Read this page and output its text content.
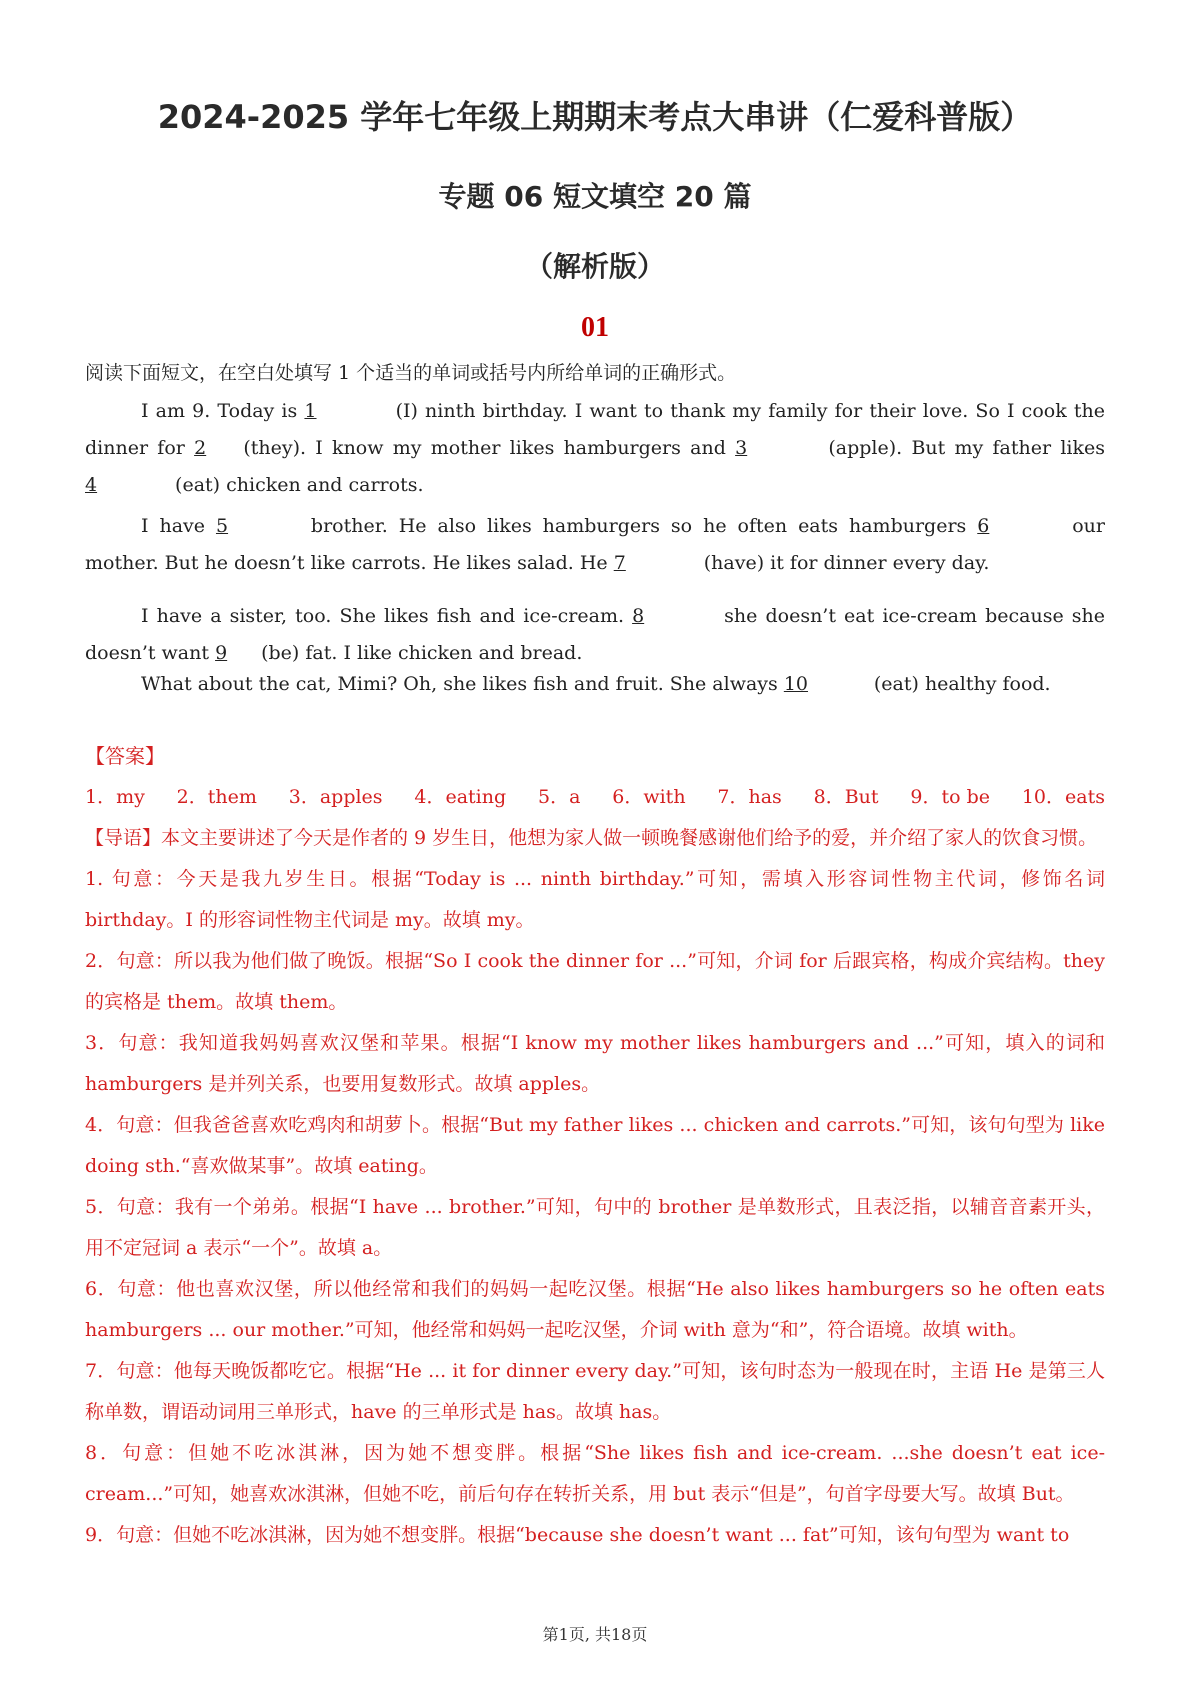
2024-2025 学年七年级上期期末考点大串讲（仁爱科普版）
专题 06 短文填空 20 篇
（解析版）
01
阅读下面短文，在空白处填写 1 个适当的单词或括号内所给单词的正确形式。
I am 9. Today is 1	(I) ninth birthday. I want to thank my family for their love. So I cook the dinner for 2 (they). I know my mother likes hamburgers and 3	(apple). But my father likes 4	(eat) chicken and carrots.
I have 5	brother. He also likes hamburgers so he often eats hamburgers 6	our mother. But he doesn’t like carrots. He likes salad. He 7	(have) it for dinner every day.
I have a sister, too. She likes fish and ice-cream. 8	she doesn’t eat ice-cream because she doesn’t want 9 (be) fat. I like chicken and bread.
What about the cat, Mimi? Oh, she likes fish and fruit. She always 10	(eat) healthy food.
【答案】
1．my 2．them 3．apples 4．eating 5．a 6．with 7．has 8．But 9．to be 10．eats

【导语】本文主要讲述了今天是作者的 9 岁生日，他想为家人做一顿晚餐感谢他们给予的爱，并介绍了家人的饮食习惯。

1. 句意：今天是我九岁生日。根据“Today is ... ninth birthday.”可知，需填入形容词性物主代词，修饰名词 birthday。I 的形容词性物主代词是 my。故填 my。

2．句意：所以我为他们做了晚饭。根据“So I cook the dinner for ...”可知，介词 for 后跟宾格，构成介宾结构。they 的宾格是 them。故填 them。

3．句意：我知道我妈妈喜欢汉堡和苹果。根据“I know my mother likes hamburgers and ...”可知，填入的词和 hamburgers 是并列关系，也要用复数形式。故填 apples。

4．句意：但我爸爸喜欢吃鸡肉和胡萝卜。根据“But my father likes ... chicken and carrots.”可知，该句句型为 like doing sth.“喜欢做某事”。故填 eating。

5．句意：我有一个弟弟。根据“I have ... brother.”可知，句中的 brother 是单数形式，且表泛指，以辅音音素开头，用不定冠词 a 表示“一个”。故填 a。

6．句意：他也喜欢汉堡，所以他经常和我们的妈妈一起吃汉堡。根据“He also likes hamburgers so he often eats hamburgers ... our mother.”可知，他经常和妈妈一起吃汉堡，介词 with 意为“和”，符合语境。故填 with。

7．句意：他每天晚饭都吃它。根据“He ... it for dinner every day.”可知，该句时态为一般现在时，主语 He 是第三人称单数，谓语动词用三单形式，have 的三单形式是 has。故填 has。

8．句意：但她不吃冰淇淋，因为她不想变胖。根据“She likes fish and ice-cream. ...she doesn’t eat ice-cream...”可知，她喜欢冰淇淋，但她不吃，前后句存在转折关系，用 but 表示“但是”，句首字母要大写。故填 But。

9．句意：但她不吃冰淇淋，因为她不想变胖。根据“because she doesn’t want ... fat”可知，该句句型为 want to

第1页, 共18页
